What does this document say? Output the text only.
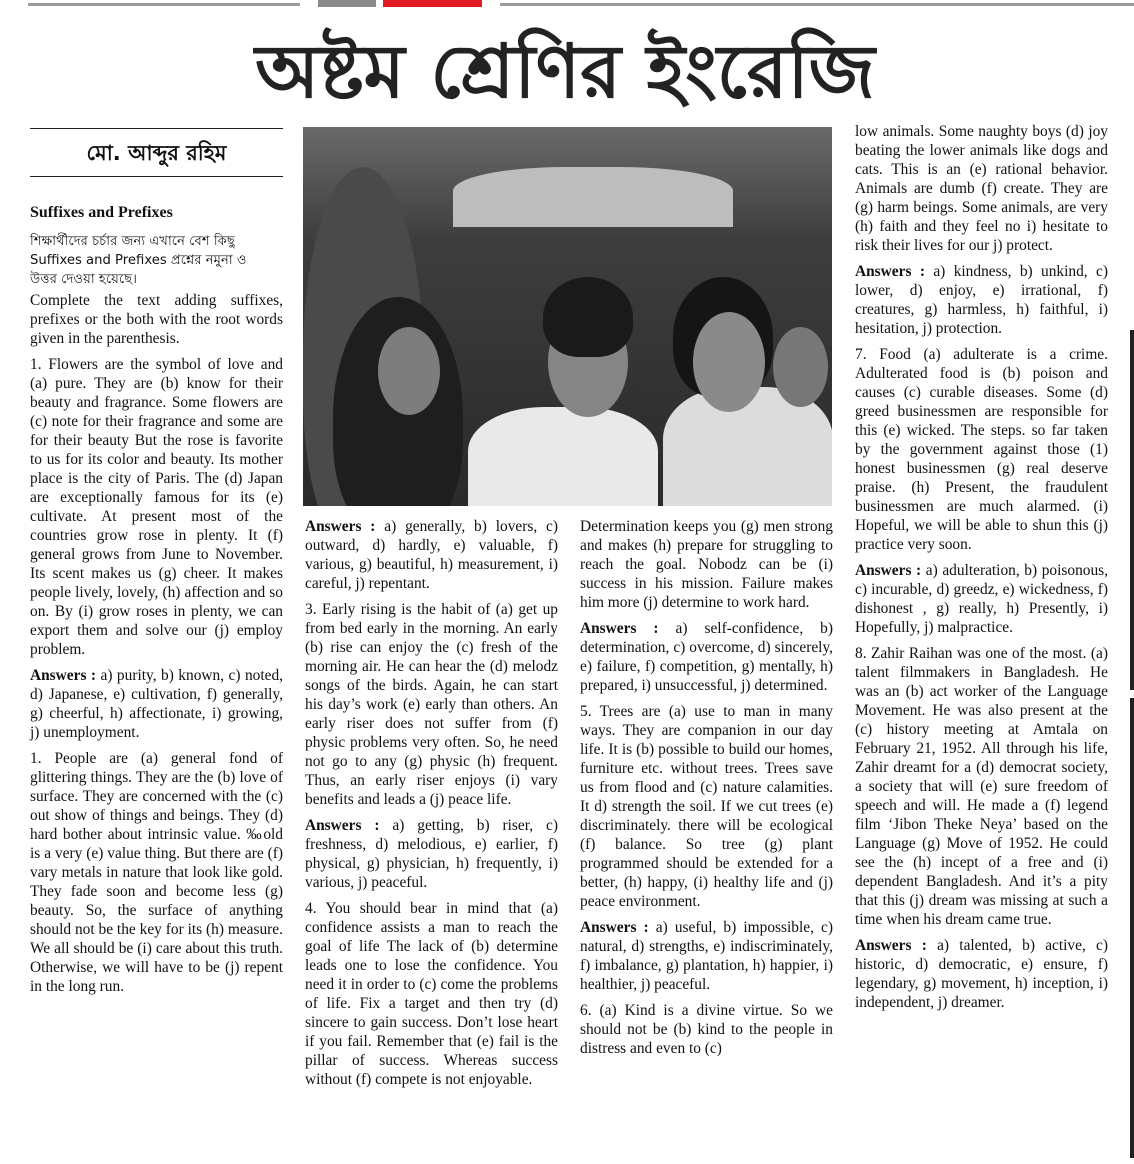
অষ্টম শ্রেণির ইংরেজি
মো. আব্দুর রহিম

Suffixes and Prefixes

শিক্ষার্থীদের চর্চার জন্য এখানে বেশ কিছু

Suffixes and Prefixes প্রশ্নের নমুনা ও

উত্তর দেওয়া হয়েছে।

Complete the text adding suffixes, prefixes or the both with the root words given in the parenthesis.

1. Flowers are the symbol of love and (a) pure. They are (b) know for their beauty and fragrance. Some flowers are (c) note for their fragrance and some are for their beauty But the rose is favorite to us for its color and beauty. Its mother place is the city of Paris. The (d) Japan are exceptionally famous for its (e) cultivate. At present most of the countries grow rose in plenty. It (f) general grows from June to November. Its scent makes us (g) cheer. It makes people lively, lovely, (h) affection and so on. By (i) grow roses in plenty, we can export them and solve our (j) employ problem.

Answers : a) purity, b) known, c) noted, d) Japanese, e) cultivation, f) generally, g) cheerful, h) affectionate, i) growing, j) unemployment.

1. People are (a) general fond of glittering things. They are the (b) love of surface. They are concerned with the (c) out show of things and beings. They (d) hard bother about intrinsic value. ‰old is a very (e) value thing. But there are (f) vary metals in nature that look like gold. They fade soon and become less (g) beauty. So, the surface of anything should not be the key for its (h) measure. We all should be (i) care about this truth. Otherwise, we will have to be (j) repent in the long run.

Answers : a) generally, b) lovers, c) outward, d) hardly, e) valuable, f) various, g) beautiful, h) measurement, i) careful, j) repentant.

3. Early rising is the habit of (a) get up from bed early in the morning. An early (b) rise can enjoy the (c) fresh of the morning air. He can hear the (d) melodz songs of the birds. Again, he can start his day’s work (e) early than others. An early riser does not suffer from (f) physic problems very often. So, he need not go to any (g) physic (h) frequent. Thus, an early riser enjoys (i) vary benefits and leads a (j) peace life.

Answers : a) getting, b) riser, c) freshness, d) melodious, e) earlier, f) physical, g) physician, h) frequently, i) various, j) peaceful.

4. You should bear in mind that (a) confidence assists a man to reach the goal of life The lack of (b) determine leads one to lose the confidence. You need it in order to (c) come the problems of life. Fix a target and then try (d) sincere to gain success. Don’t lose heart if you fail. Remember that (e) fail is the pillar of success. Whereas success without (f) compete is not enjoyable.

Determination keeps you (g) men strong and makes (h) prepare for struggling to reach the goal. Nobodz can be (i) success in his mission. Failure makes him more (j) determine to work hard.

Answers : a) self-confidence, b) determination, c) overcome, d) sincerely, e) failure, f) competition, g) mentally, h) prepared, i) unsuccessful, j) determined.

5. Trees are (a) use to man in many ways. They are companion in our day life. It is (b) possible to build our homes, furniture etc. without trees. Trees save us from flood and (c) nature calamities. It d) strength the soil. If we cut trees (e) discriminately. there will be ecological (f) balance. So tree (g) plant programmed should be extended for a better, (h) happy, (i) healthy life and (j) peace environment.

Answers : a) useful, b) impossible, c) natural, d) strengths, e) indiscriminately, f) imbalance, g) plantation, h) happier, i) healthier, j) peaceful.

6. (a) Kind is a divine virtue. So we should not be (b) kind to the people in distress and even to (c)

low animals. Some naughty boys (d) joy beating the lower animals like dogs and cats. This is an (e) rational behavior. Animals are dumb (f) create. They are (g) harm beings. Some animals, are very (h) faith and they feel no i) hesitate to risk their lives for our j) protect.

Answers : a) kindness, b) unkind, c) lower, d) enjoy, e) irrational, f) creatures, g) harmless, h) faithful, i) hesitation, j) protection.

7. Food (a) adulterate is a crime. Adulterated food is (b) poison and causes (c) curable diseases. Some (d) greed businessmen are responsible for this (e) wicked. The steps. so far taken by the government against those (1) honest businessmen (g) real deserve praise. (h) Present, the fraudulent businessmen are much alarmed. (i) Hopeful, we will be able to shun this (j) practice very soon.

Answers : a) adulteration, b) poisonous, c) incurable, d) greedz, e) wickedness, f) dishonest , g) really, h) Presently, i) Hopefully, j) malpractice.

8. Zahir Raihan was one of the most. (a) talent filmmakers in Bangladesh. He was an (b) act worker of the Language Movement. He was also present at the (c) history meeting at Amtala on February 21, 1952. All through his life, Zahir dreamt for a (d) democrat society, a society that will (e) sure freedom of speech and will. He made a (f) legend film ‘Jibon Theke Neya’ based on the Language (g) Move of 1952. He could see the (h) incept of a free and (i) dependent Bangladesh. And it’s a pity that this (j) dream was missing at such a time when his dream came true.

Answers : a) talented, b) active, c) historic, d) democratic, e) ensure, f) legendary, g) movement, h) inception, i) independent, j) dreamer.
